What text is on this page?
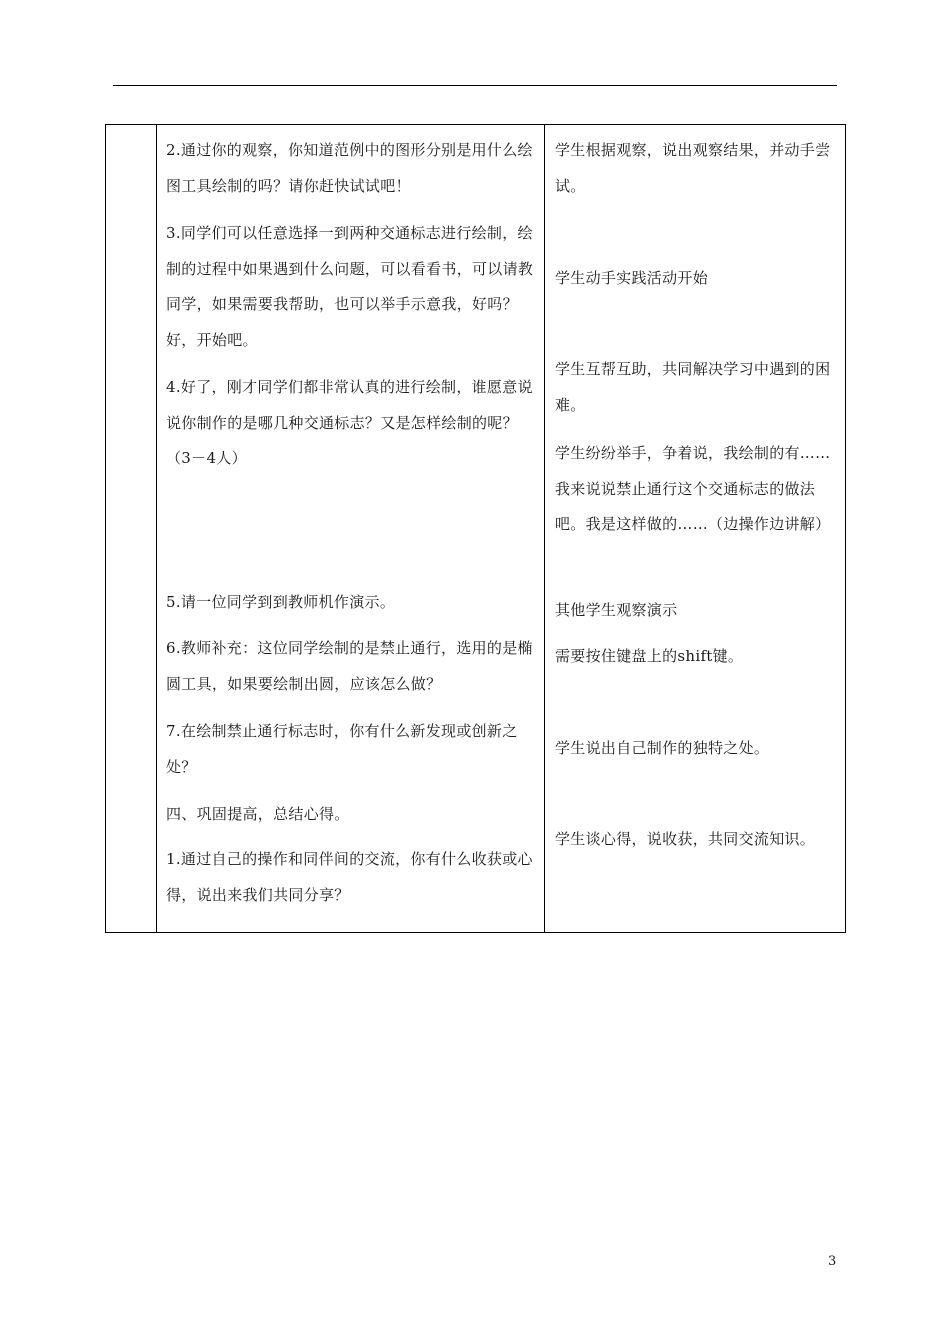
2.通过你的观察，你知道范例中的图形分别是用什么绘图工具绘制的吗？请你赶快试试吧！
3.同学们可以任意选择一到两种交通标志进行绘制，绘制的过程中如果遇到什么问题，可以看看书，可以请教同学，如果需要我帮助，也可以举手示意我，好吗？好，开始吧。
4.好了，刚才同学们都非常认真的进行绘制，谁愿意说说你制作的是哪几种交通标志？又是怎样绘制的呢？（3－4人）
5.请一位同学到到教师机作演示。
6.教师补充：这位同学绘制的是禁止通行，选用的是椭圆工具，如果要绘制出圆，应该怎么做？
7.在绘制禁止通行标志时，你有什么新发现或创新之处？
四、巩固提高，总结心得。
1.通过自己的操作和同伴间的交流，你有什么收获或心得，说出来我们共同分享？
学生根据观察，说出观察结果，并动手尝试。
学生动手实践活动开始
学生互帮互助，共同解决学习中遇到的困难。
学生纷纷举手，争着说，我绘制的有……我来说说禁止通行这个交通标志的做法吧。我是这样做的……（边操作边讲解）
其他学生观察演示
需要按住键盘上的shift键。
学生说出自己制作的独特之处。
学生谈心得，说收获，共同交流知识。
3
